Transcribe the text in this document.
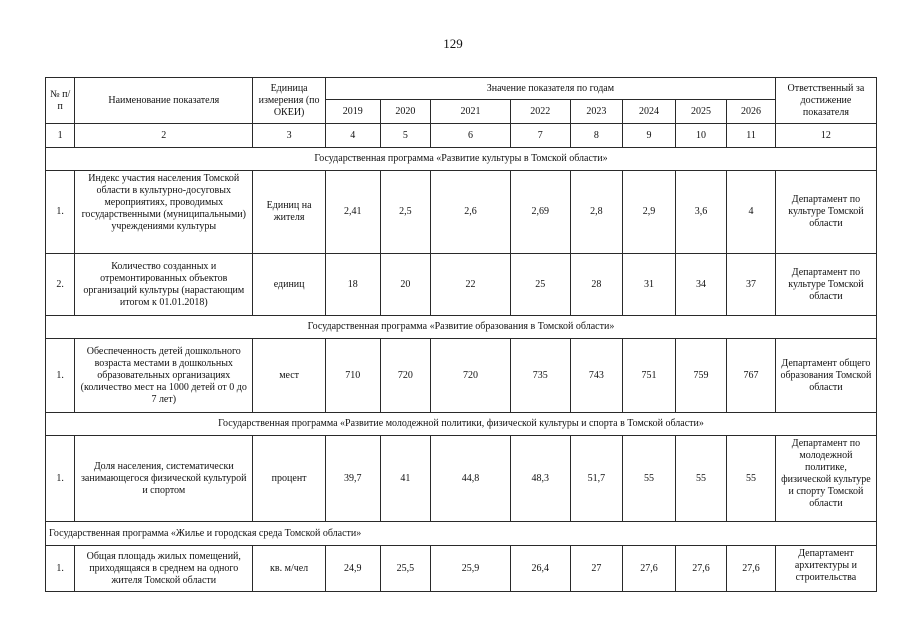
129
№ п/п	Наименование показателя	Единица измерения (по ОКЕИ)	Значение показателя по годам								Ответственный за достижение показателя
			2019	2020	2021	2022	2023	2024	2025	2026	
1	2	3	4	5	6	7	8	9	10	11	12
Государственная программа «Развитие культуры в Томской области»											
1.	Индекс участия населения Томской области в культурно-досуговых мероприятиях, проводимых государственными (муниципальными) учреждениями культуры	Единиц на жителя	2,41	2,5	2,6	2,69	2,8	2,9	3,6	4	Департамент по культуре Томской области
2.	Количество созданных и отремонтированных объектов организаций культуры (нарастающим итогом к 01.01.2018)	единиц	18	20	22	25	28	31	34	37	Департамент по культуре Томской области
Государственная программа «Развитие образования в Томской области»											
1.	Обеспеченность детей дошкольного возраста местами в дошкольных образовательных организациях (количество мест на 1000 детей от 0 до 7 лет)	мест	710	720	720	735	743	751	759	767	Департамент общего образования Томской области
Государственная программа «Развитие молодежной политики, физической культуры и спорта в Томской области»											
1.	Доля населения, систематически занимающегося физической культурой и спортом	процент	39,7	41	44,8	48,3	51,7	55	55	55	Департамент по молодежной политике, физической культуре и спорту Томской области
Государственная программа «Жилье и городская среда Томской области»											
1.	Общая площадь жилых помещений, приходящаяся в среднем на одного жителя Томской области	кв. м/чел	24,9	25,5	25,9	26,4	27	27,6	27,6	27,6	Департамент архитектуры и строительства
